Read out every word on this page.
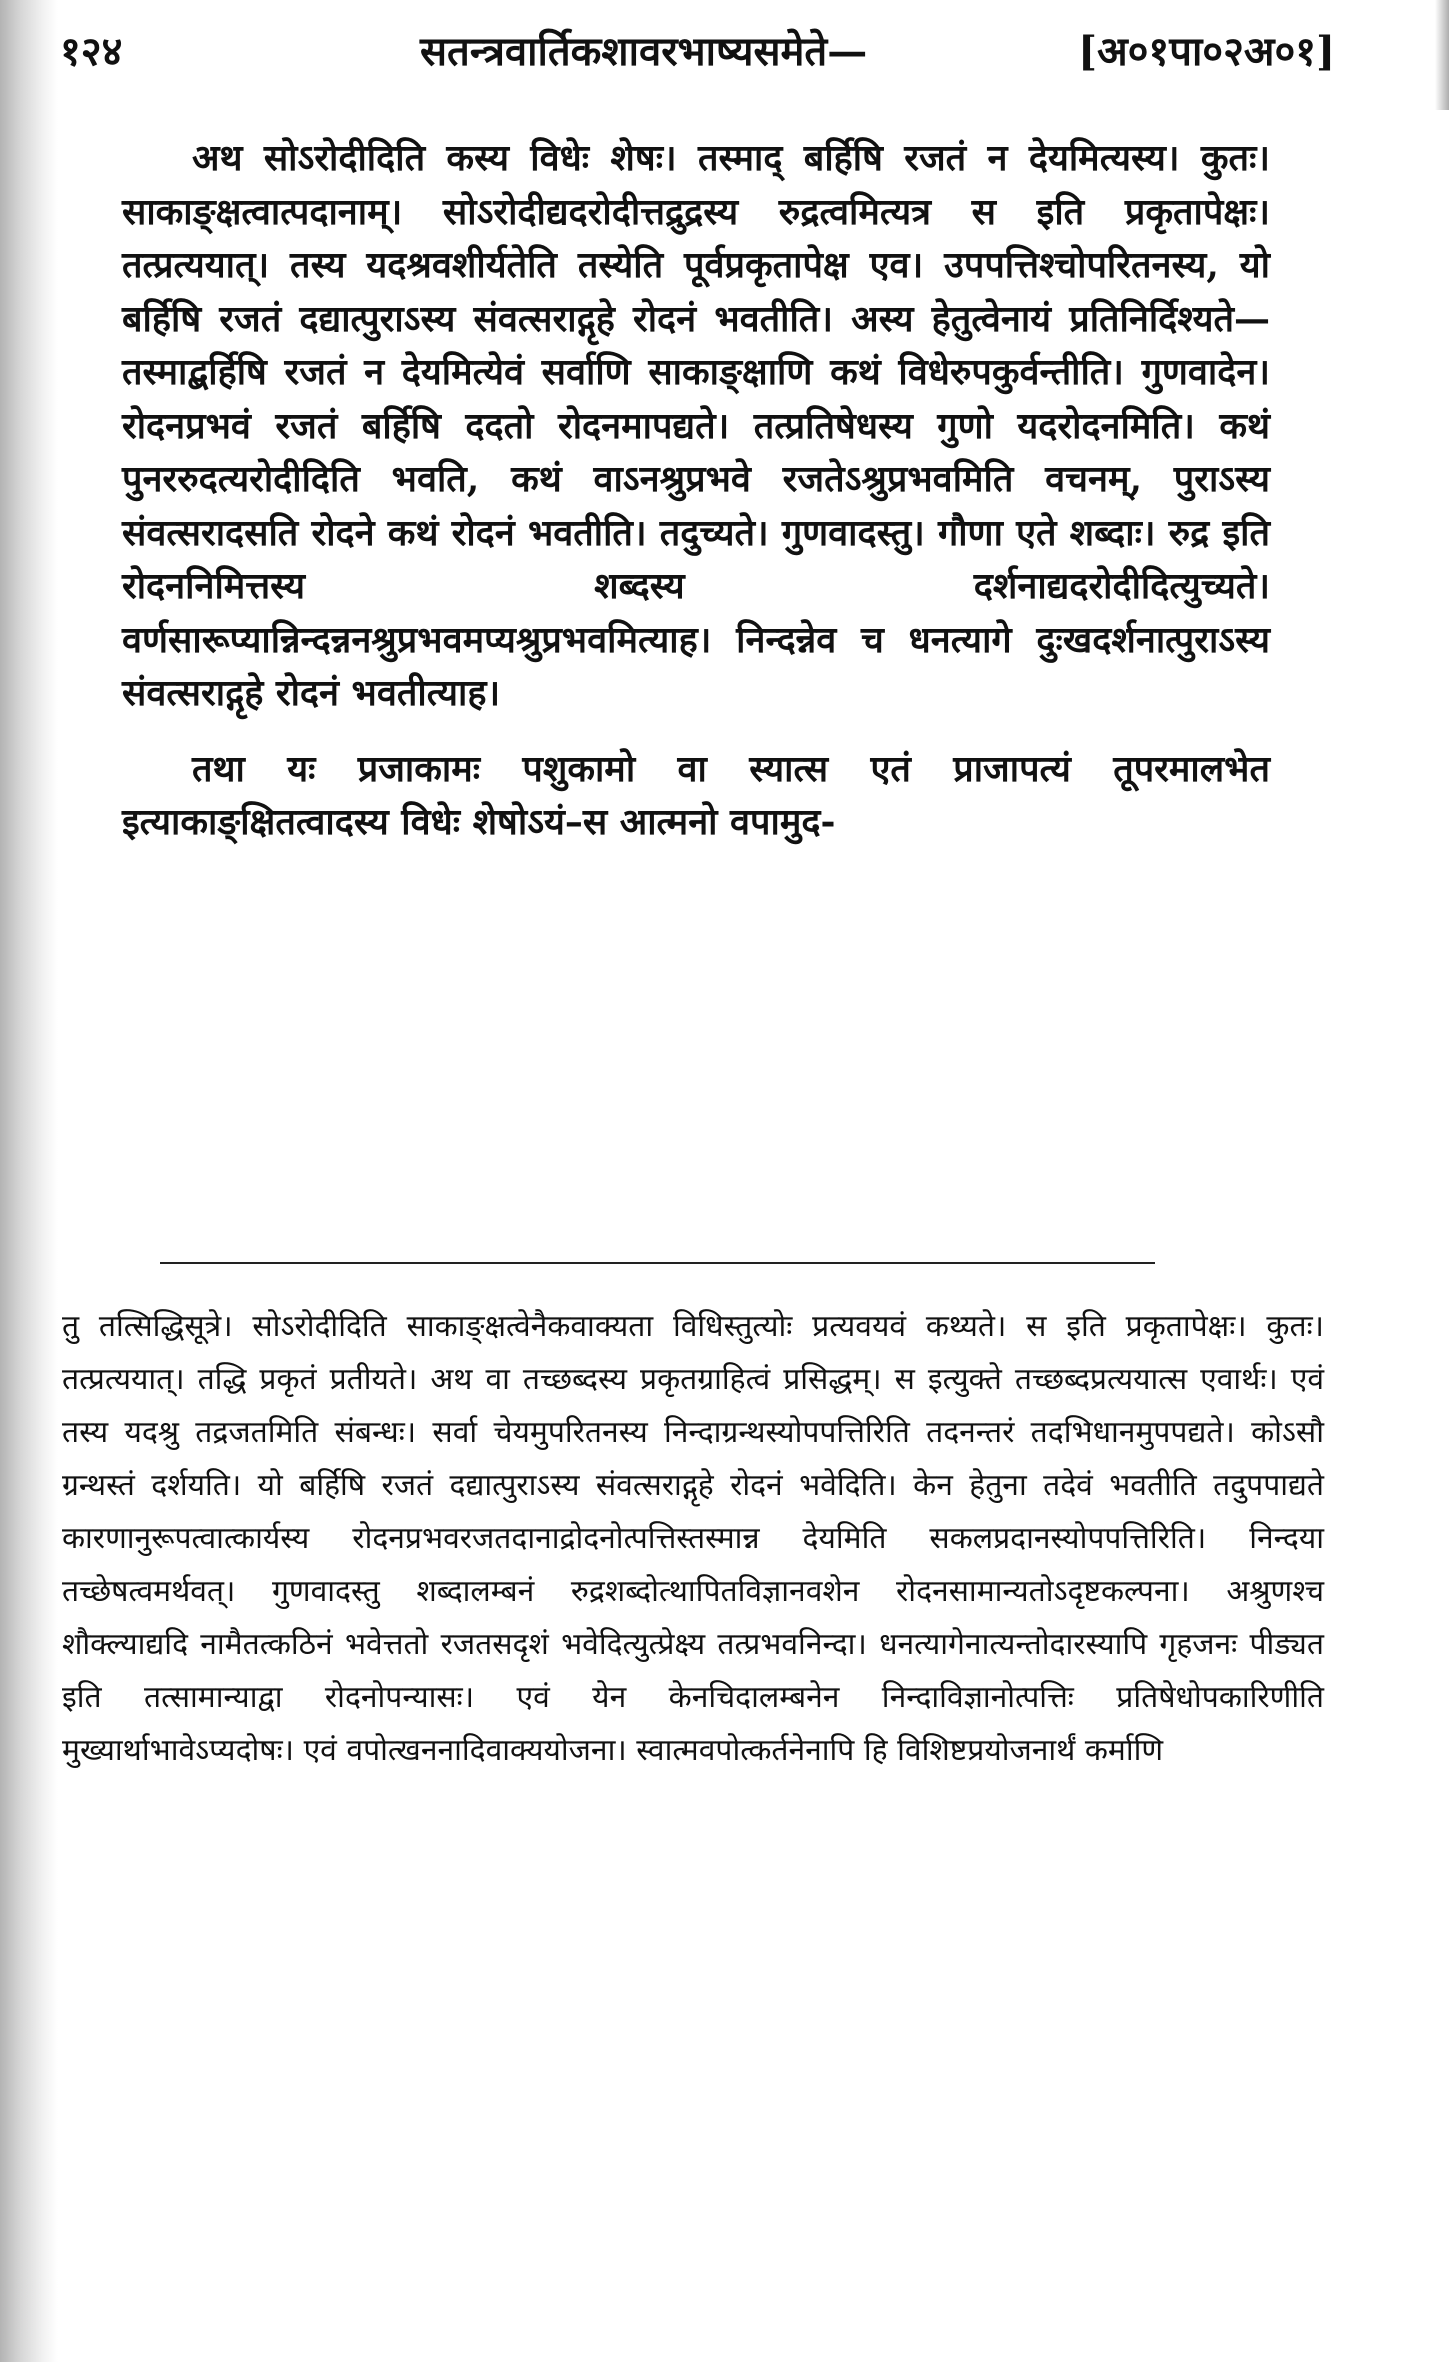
१२४	सतन्त्रवार्तिकशावरभाष्यसमेते—	[अ०१पा०२अ०१]

अथ सोऽरोदीदिति कस्य विधेः शेषः। तस्माद् बर्हिषि रजतं न देयमित्यस्य। कुतः। साकाङ्क्षत्वात्पदानाम्। सोऽरोदीद्यदरोदीत्तद्रुद्रस्य रुद्रत्वमित्यत्र स इति प्रकृतापेक्षः। तत्प्रत्ययात्। तस्य यदश्रवशीर्यतेति तस्येति पूर्वप्रकृतापेक्ष एव। उपपत्तिश्चोपरितनस्य, यो बर्हिषि रजतं दद्यात्पुराऽस्य संवत्सराद्गृहे रोदनं भवतीति। अस्य हेतुत्वेनायं प्रतिनिर्दिश्यते—तस्माद्बर्हिषि रजतं न देयमित्येवं सर्वाणि साकाङ्क्षाणि कथं विधेरुपकुर्वन्तीति। गुणवादेन। रोदनप्रभवं रजतं बर्हिषि ददतो रोदनमापद्यते। तत्प्रतिषेधस्य गुणो यदरोदनमिति। कथं पुनररुदत्यरोदीदिति भवति, कथं वाऽनश्रुप्रभवे रजतेऽश्रुप्रभवमिति वचनम्, पुराऽस्य संवत्सरादसति रोदने कथं रोदनं भवतीति। तदुच्यते। गुणवादस्तु। गौणा एते शब्दाः। रुद्र इति रोदननिमित्तस्य शब्दस्य दर्शनाद्यदरोदीदित्युच्यते। वर्णसारूप्यान्निन्दन्ननश्रुप्रभवमप्यश्रुप्रभवमित्याह। निन्दन्नेव च धनत्यागे दुःखदर्शनात्पुराऽस्य संवत्सराद्गृहे रोदनं भवतीत्याह।

तथा यः प्रजाकामः पशुकामो वा स्यात्स एतं प्राजापत्यं तूपरमालभेत इत्याकाङ्क्षितत्वादस्य विधेः शेषोऽयं–स आत्मनो वपामुद-

तु तत्सिद्धिसूत्रे। सोऽरोदीदिति साकाङ्क्षत्वेनैकवाक्यता विधिस्तुत्योः प्रत्यवयवं कथ्यते। स इति प्रकृतापेक्षः। कुतः। तत्प्रत्ययात्। तद्धि प्रकृतं प्रतीयते। अथ वा तच्छब्दस्य प्रकृतग्राहित्वं प्रसिद्धम्। स इत्युक्ते तच्छब्दप्रत्ययात्स एवार्थः। एवं तस्य यदश्रु तद्रजतमिति संबन्धः। सर्वा चेयमुपरितनस्य निन्दाग्रन्थस्योपपत्तिरिति तदनन्तरं तदभिधानमुपपद्यते। कोऽसौ ग्रन्थस्तं दर्शयति। यो बर्हिषि रजतं दद्यात्पुराऽस्य संवत्सराद्गृहे रोदनं भवेदिति। केन हेतुना तदेवं भवतीति तदुपपाद्यते कारणानुरूपत्वात्कार्यस्य रोदनप्रभवरजतदानाद्रोदनोत्पत्तिस्तस्मान्न देयमिति सकलप्रदानस्योपपत्तिरिति। निन्दया तच्छेषत्वमर्थवत्। गुणवादस्तु शब्दालम्बनं रुद्रशब्दोत्थापितविज्ञानवशेन रोदनसामान्यतोऽदृष्टकल्पना। अश्रुणश्च शौक्ल्याद्यदि नामैतत्कठिनं भवेत्ततो रजतसदृशं भवेदित्युत्प्रेक्ष्य तत्प्रभवनिन्दा। धनत्यागेनात्यन्तोदारस्यापि गृहजनः पीड्यत इति तत्सामान्याद्वा रोदनोपन्यासः। एवं येन केनचिदालम्बनेन निन्दाविज्ञानोत्पत्तिः प्रतिषेधोपकारिणीति मुख्यार्थाभावेऽप्यदोषः। एवं वपोत्खननादिवाक्ययोजना। स्वात्मवपोत्कर्तनेनापि हि विशिष्टप्रयोजनार्थं कर्माणि
